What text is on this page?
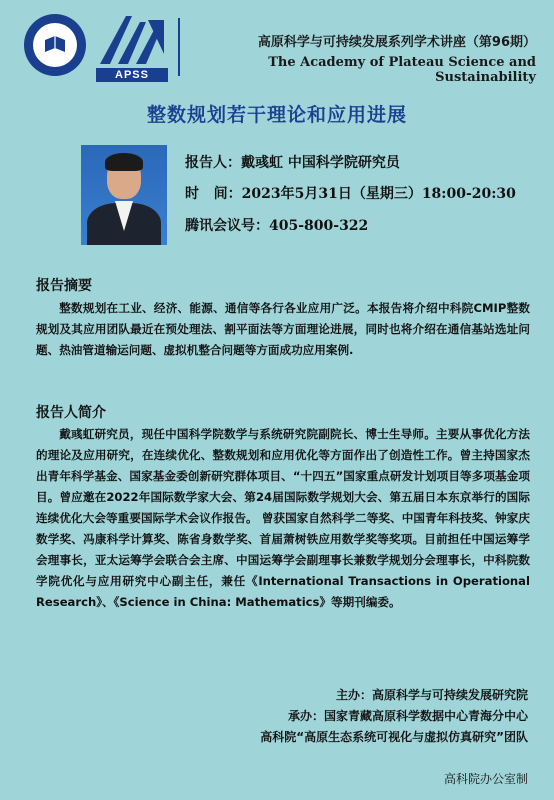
APSS
高原科学与可持续发展系列学术讲座（第96期）
The Academy of Plateau Science and Sustainability
整数规划若干理论和应用进展
报告人：戴彧虹 中国科学院研究员
时   间：2023年5月31日（星期三）18:00-20:30
腾讯会议号：405-800-322
报告摘要
整数规划在工业、经济、能源、通信等各行各业应用广泛。本报告将介绍中科院CMIP整数规划及其应用团队最近在预处理法、割平面法等方面理论进展，同时也将介绍在通信基站选址问题、热油管道输运问题、虚拟机整合问题等方面成功应用案例.
报告人简介
戴彧虹研究员，现任中国科学院数学与系统研究院副院长、博士生导师。主要从事优化方法的理论及应用研究，在连续优化、整数规划和应用优化等方面作出了创造性工作。曾主持国家杰出青年科学基金、国家基金委创新研究群体项目、“十四五”国家重点研发计划项目等多项基金项目。曾应邀在2022年国际数学家大会、第24届国际数学规划大会、第五届日本东京举行的国际连续优化大会等重要国际学术会议作报告。 曾获国家自然科学二等奖、中国青年科技奖、钟家庆数学奖、冯康科学计算奖、陈省身数学奖、首届萧树铁应用数学奖等奖项。目前担任中国运筹学会理事长，亚太运筹学会联合会主席、中国运筹学会副理事长兼数学规划分会理事长，中科院数学院优化与应用研究中心副主任，兼任《International Transactions in Operational Research》、《Science in China: Mathematics》等期刊编委。
主办：高原科学与可持续发展研究院
承办：国家青藏高原科学数据中心青海分中心
高科院“高原生态系统可视化与虚拟仿真研究”团队
高科院办公室制
